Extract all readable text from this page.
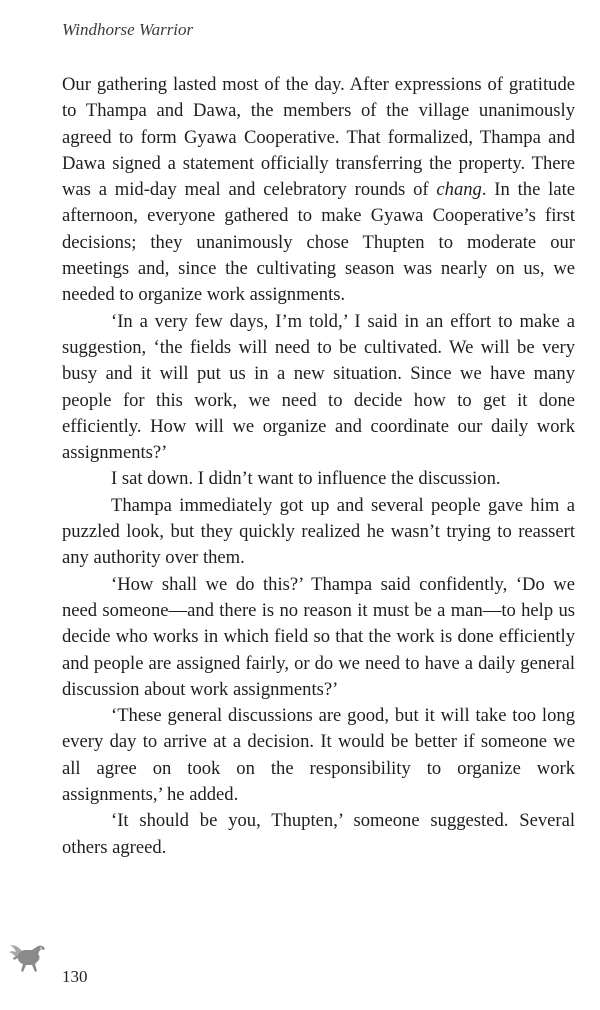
Windhorse Warrior

Our gathering lasted most of the day. After expressions of gratitude to Thampa and Dawa, the members of the village unanimously agreed to form Gyawa Cooperative. That formalized, Thampa and Dawa signed a statement officially transferring the property. There was a mid-day meal and celebratory rounds of chang. In the late afternoon, everyone gathered to make Gyawa Cooperative’s first decisions; they unanimously chose Thupten to moderate our meetings and, since the cultivating season was nearly on us, we needed to organize work assignments.

‘In a very few days, I’m told,’ I said in an effort to make a suggestion, ‘the fields will need to be cultivated. We will be very busy and it will put us in a new situation. Since we have many people for this work, we need to decide how to get it done efficiently. How will we organize and coordinate our daily work assignments?’

I sat down. I didn’t want to influence the discussion.

Thampa immediately got up and several people gave him a puzzled look, but they quickly realized he wasn’t trying to reassert any authority over them.

‘How shall we do this?’ Thampa said confidently, ‘Do we need someone—and there is no reason it must be a man—to help us decide who works in which field so that the work is done efficiently and people are assigned fairly, or do we need to have a daily general discussion about work assignments?’

‘These general discussions are good, but it will take too long every day to arrive at a decision. It would be better if someone we all agree on took on the responsibility to organize work assignments,’ he added.

‘It should be you, Thupten,’ someone suggested. Several others agreed.

130
